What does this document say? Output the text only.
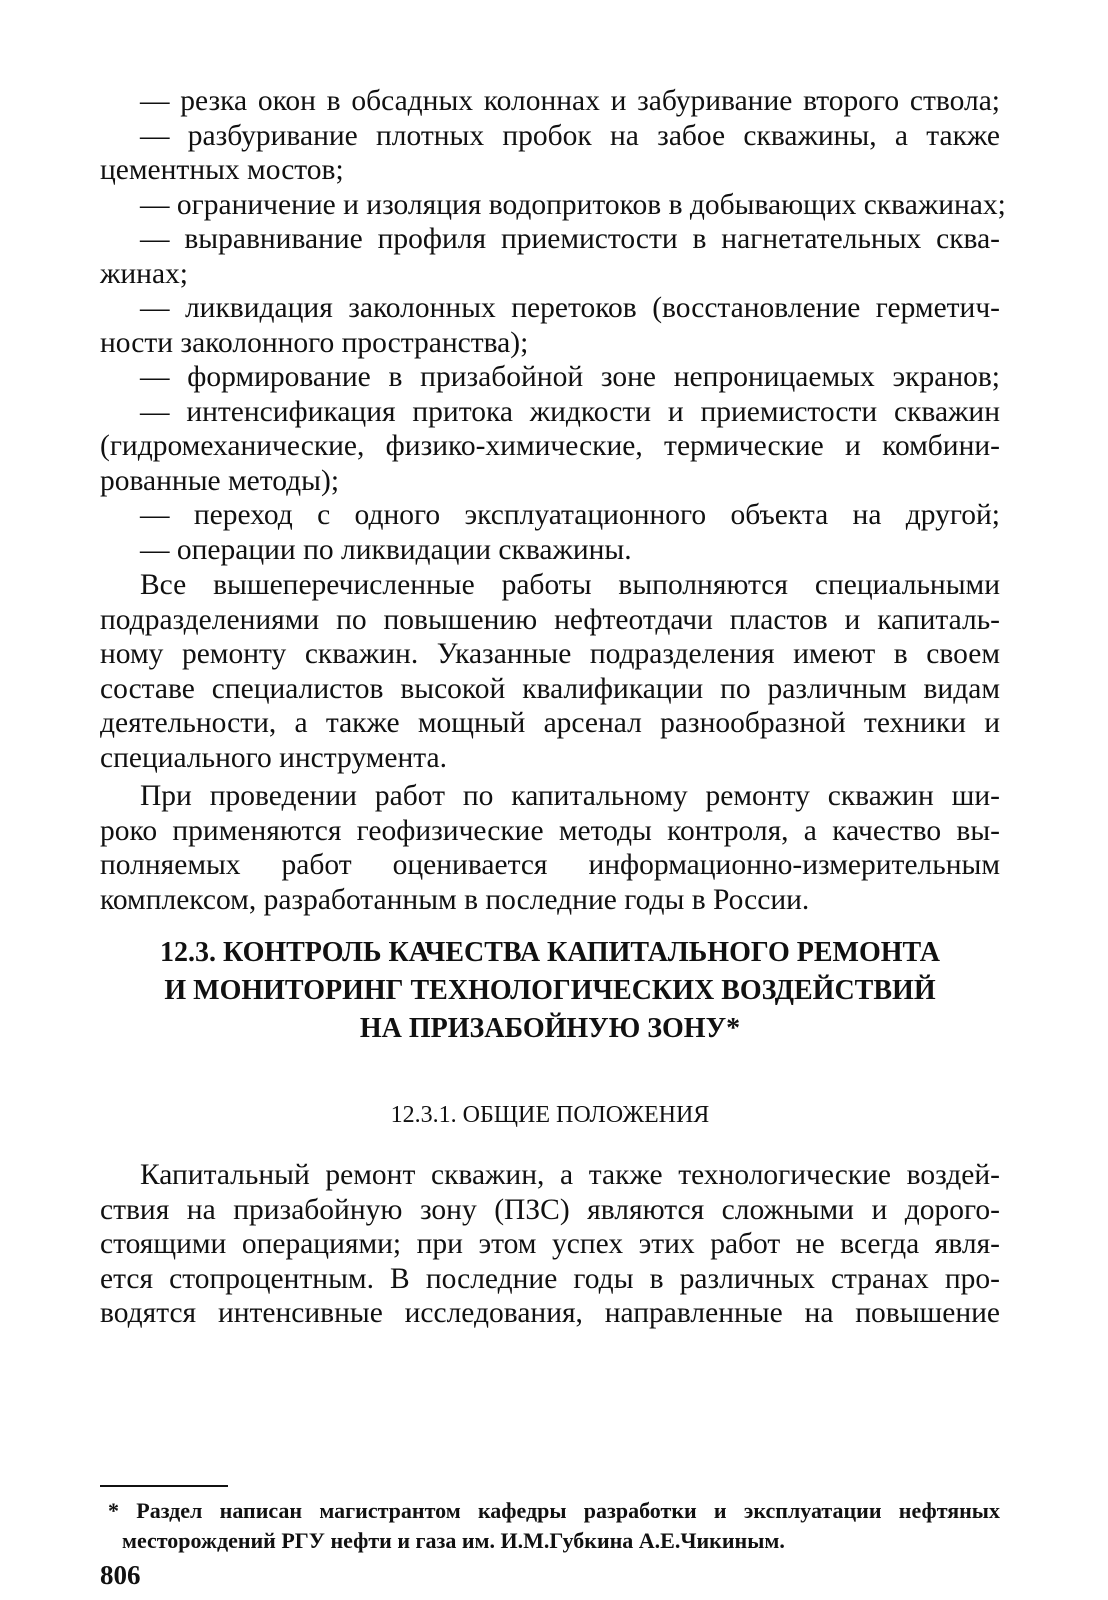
— резка окон в обсадных колоннах и забуривание второго ствола;
— разбуривание плотных пробок на забое скважины, а также
цементных мостов;
— ограничение и изоляция водопритоков в добывающих скважинах;
— выравнивание профиля приемистости в нагнетательных сква-
жинах;
— ликвидация заколонных перетоков (восстановление герметич-
ности заколонного пространства);
— формирование в призабойной зоне непроницаемых экранов;
— интенсификация притока жидкости и приемистости скважин
(гидромеханические, физико-химические, термические и комбини-
рованные методы);
— переход с одного эксплуатационного объекта на другой;
— операции по ликвидации скважины.
Все вышеперечисленные работы выполняются специальными
подразделениями по повышению нефтеотдачи пластов и капиталь-
ному ремонту скважин. Указанные подразделения имеют в своем
составе специалистов высокой квалификации по различным видам
деятельности, а также мощный арсенал разнообразной техники и
специального инструмента.
При проведении работ по капитальному ремонту скважин ши-
роко применяются геофизические методы контроля, а качество вы-
полняемых работ оценивается информационно-измерительным
комплексом, разработанным в последние годы в России.
12.3. КОНТРОЛЬ КАЧЕСТВА КАПИТАЛЬНОГО РЕМОНТА
И МОНИТОРИНГ ТЕХНОЛОГИЧЕСКИХ ВОЗДЕЙСТВИЙ
НА ПРИЗАБОЙНУЮ ЗОНУ*
12.3.1. ОБЩИЕ ПОЛОЖЕНИЯ
Капитальный ремонт скважин, а также технологические воздей-
ствия на призабойную зону (ПЗС) являются сложными и дорого-
стоящими операциями; при этом успех этих работ не всегда явля-
ется стопроцентным. В последние годы в различных странах про-
водятся интенсивные исследования, направленные на повышение
* Раздел написан магистрантом кафедры разработки и эксплуатации нефтяных
месторождений РГУ нефти и газа им. И.М.Губкина А.Е.Чикиным.
806
